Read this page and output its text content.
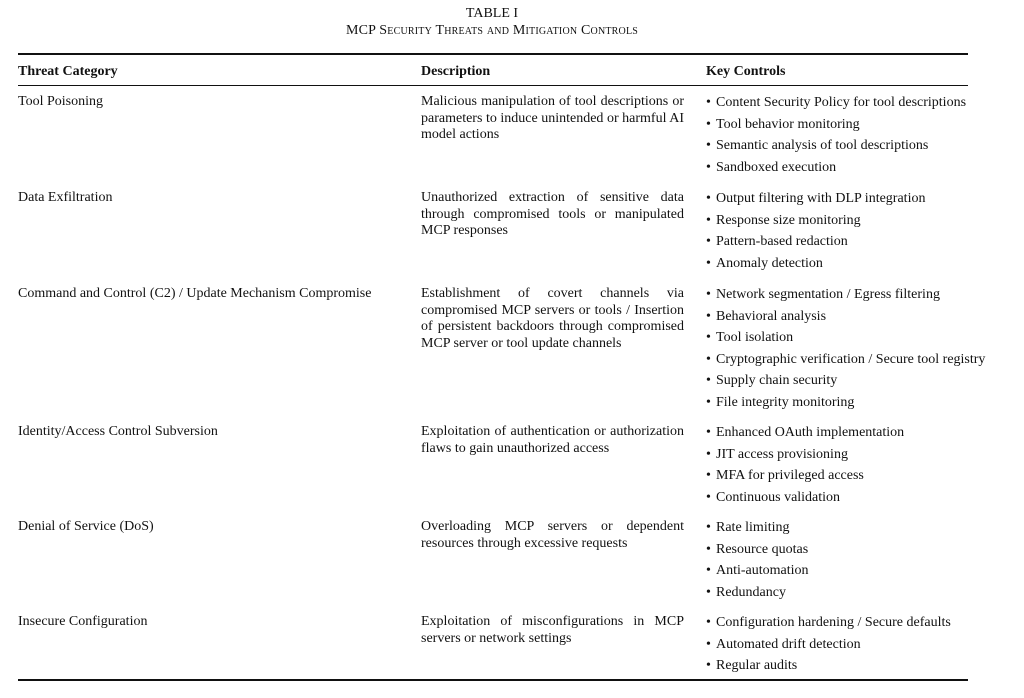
TABLE I
MCP Security Threats and Mitigation Controls
Threat Category	Description	Key Controls
Tool Poisoning	Malicious manipulation of tool descriptions or parameters to induce unintended or harmful AI model actions
• Content Security Policy for tool descriptions
• Tool behavior monitoring
• Semantic analysis of tool descriptions
• Sandboxed execution
Data Exfiltration	Unauthorized extraction of sensitive data through compromised tools or manipulated MCP responses
• Output filtering with DLP integration
• Response size monitoring
• Pattern-based redaction
• Anomaly detection
Command and Control (C2) / Update Mechanism Compromise	Establishment of covert channels via compromised MCP servers or tools / Insertion of persistent backdoors through compromised MCP server or tool update channels
• Network segmentation / Egress filtering
• Behavioral analysis
• Tool isolation
• Cryptographic verification / Secure tool registry
• Supply chain security
• File integrity monitoring
Identity/Access Control Subversion	Exploitation of authentication or authorization flaws to gain unauthorized access
• Enhanced OAuth implementation
• JIT access provisioning
• MFA for privileged access
• Continuous validation
Denial of Service (DoS)	Overloading MCP servers or dependent resources through excessive requests
• Rate limiting
• Resource quotas
• Anti-automation
• Redundancy
Insecure Configuration	Exploitation of misconfigurations in MCP servers or network settings
• Configuration hardening / Secure defaults
• Automated drift detection
• Regular audits
